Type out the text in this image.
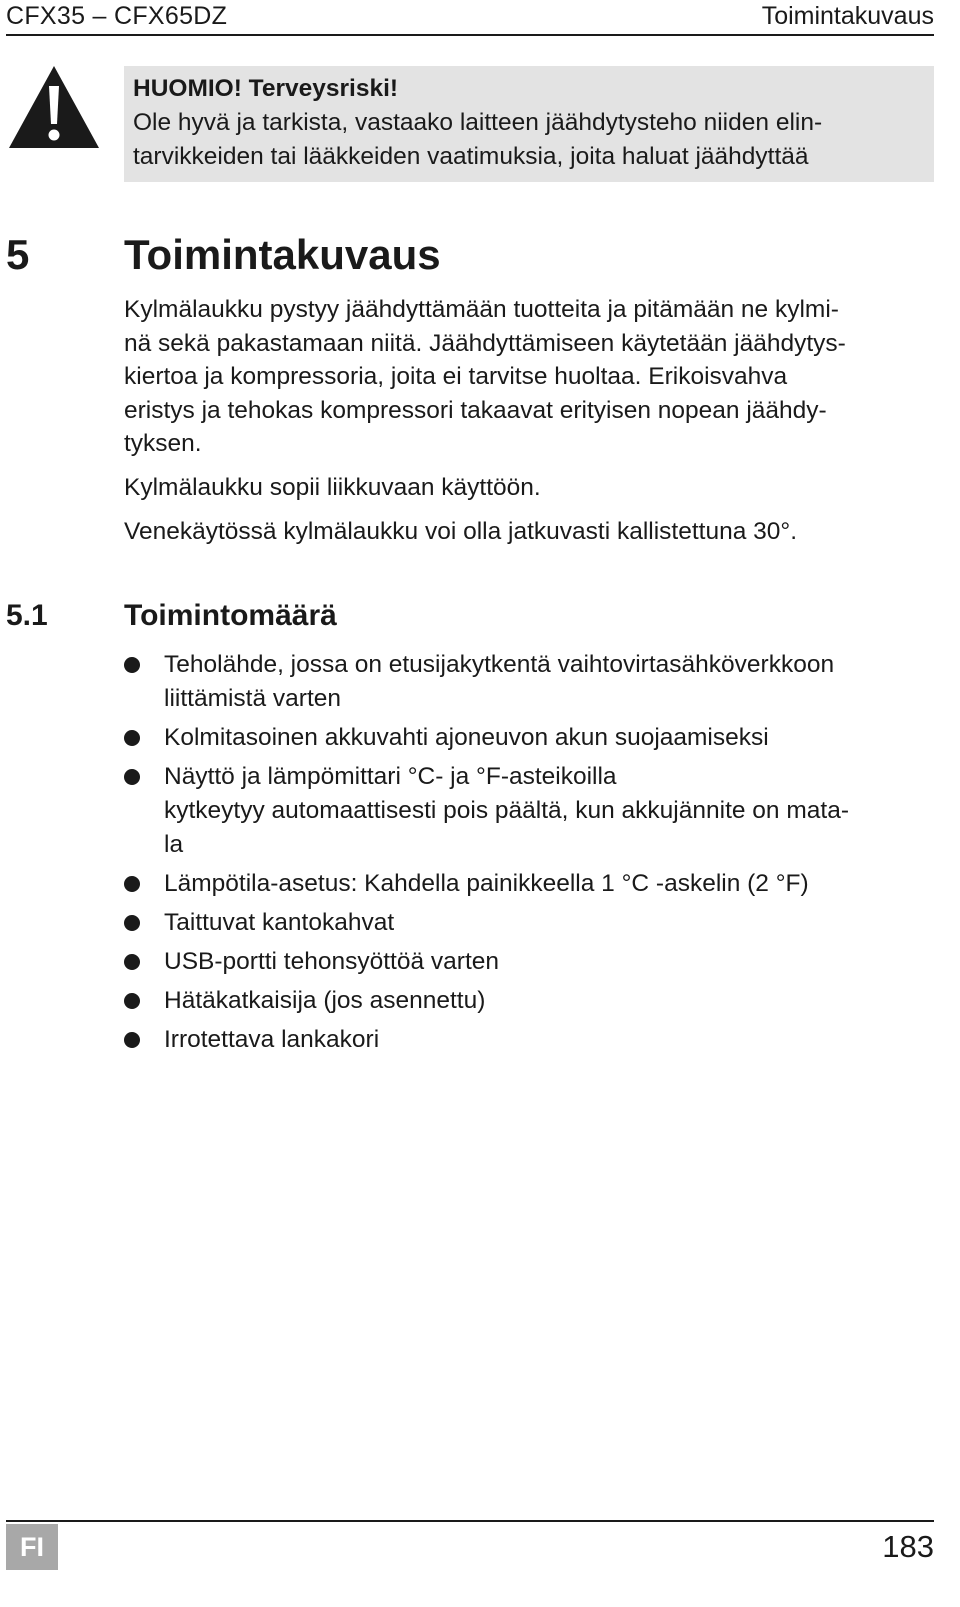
CFX35 – CFX65DZ	Toimintakuvaus
HUOMIO! Terveysriski!
Ole hyvä ja tarkista, vastaako laitteen jäähdytysteho niiden elin-
tarvikkeiden tai lääkkeiden vaatimuksia, joita haluat jäähdyttää
5 Toimintakuvaus
Kylmälaukku pystyy jäähdyttämään tuotteita ja pitämään ne kylmi-
nä sekä pakastamaan niitä. Jäähdyttämiseen käytetään jäähdytys-
kiertoa ja kompressoria, joita ei tarvitse huoltaa. Erikoisvahva
eristys ja tehokas kompressori takaavat erityisen nopean jäähdy-
tyksen.
Kylmälaukku sopii liikkuvaan käyttöön.
Venekäytössä kylmälaukku voi olla jatkuvasti kallistettuna 30°.
5.1	Toimintomäärä
Teholähde, jossa on etusijakytkentä vaihtovirtasähköverkkoon
liittämistä varten
Kolmitasoinen akkuvahti ajoneuvon akun suojaamiseksi
Näyttö ja lämpömittari °C- ja °F-asteikoilla
kytkeytyy automaattisesti pois päältä, kun akkujännite on mata-
la
Lämpötila-asetus: Kahdella painikkeella 1 °C -askelin (2 °F)
Taittuvat kantokahvat
USB-portti tehonsyöttöä varten
Hätäkatkaisija (jos asennettu)
Irrotettava lankakori
FI	183
